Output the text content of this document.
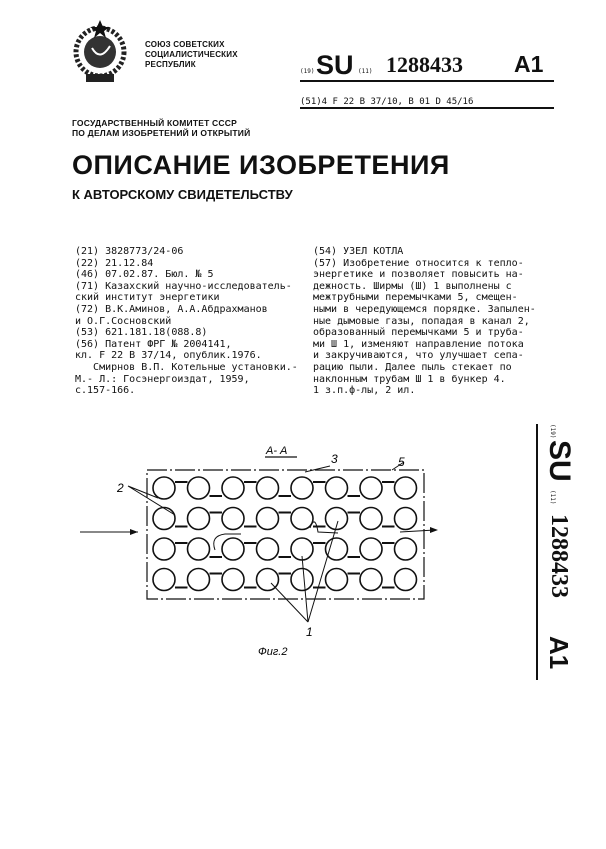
СОЮЗ СОВЕТСКИХ
СОЦИАЛИСТИЧЕСКИХ
РЕСПУБЛИК
ГОСУДАРСТВЕННЫЙ КОМИТЕТ СССР
ПО ДЕЛАМ ИЗОБРЕТЕНИЙ И ОТКРЫТИЙ
(19) SU (11) 1288433 A1
(51)4 F 22 B 37/10, B 01 D 45/16
ОПИСАНИЕ ИЗОБРЕТЕНИЯ
К АВТОРСКОМУ СВИДЕТЕЛЬСТВУ
(21) 3828773/24-06
(22) 21.12.84
(46) 07.02.87. Бюл. № 5
(71) Казахский научно-исследователь-
ский институт энергетики
(72) В.К.Аминов, А.А.Абдрахманов
и О.Г.Сосновский
(53) 621.181.18(088.8)
(56) Патент ФРГ № 2004141,
кл. F 22 B 37/14, опублик.1976.
Смирнов В.П. Котельные установки.-
М.- Л.: Госэнергоиздат, 1959,
с.157-166.
(54) УЗЕЛ КОТЛА
(57) Изобретение относится к тепло-
энергетике и позволяет повысить на-
дежность. Ширмы (Ш) 1 выполнены с
межтрубными перемычками 5, смещен-
ными в чередующемся порядке. Запылен-
ные дымовые газы, попадая в канал 2,
образованный перемычками 5 и труба-
ми Ш 1, изменяют направление потока
и закручиваются, что улучшает сепа-
рацию пыли. Далее пыль стекает по
наклонным трубам Ш 1 в бункер 4.
1 з.п.ф-лы, 2 ил.
А- А
2
1
3	5
Фиг.2
(19)
SU
(11)
1288433
A1
